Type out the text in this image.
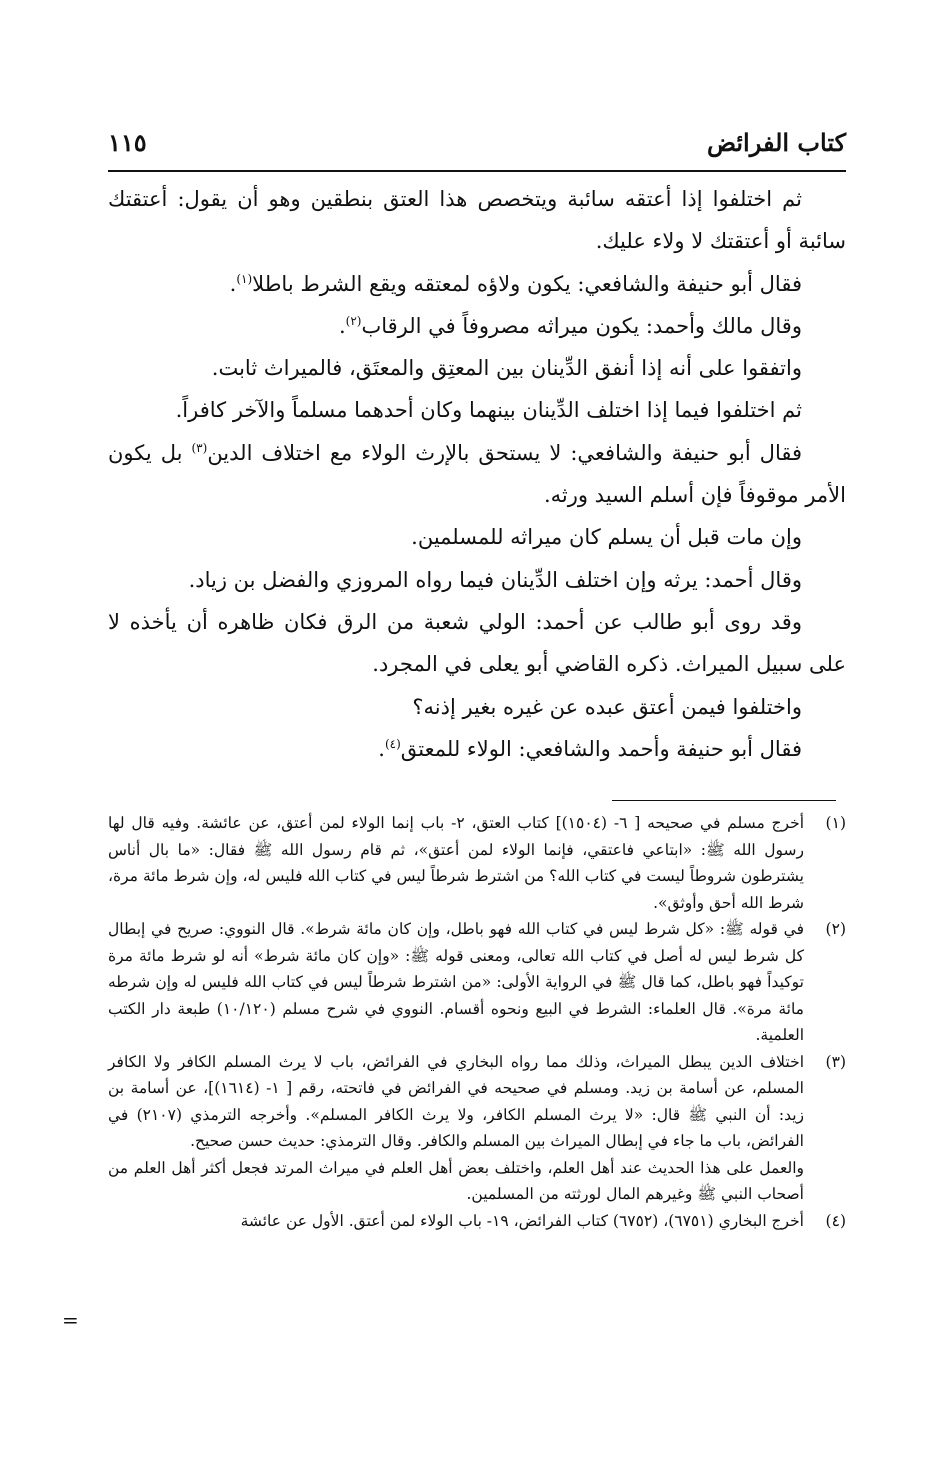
كتاب الفرائض
١١٥

ثم اختلفوا إذا أعتقه سائبة ويتخصص هذا العتق بنطقين وهو أن يقول: أعتقتك سائبة أو أعتقتك لا ولاء عليك.

فقال أبو حنيفة والشافعي: يكون ولاؤه لمعتقه ويقع الشرط باطلا$^{(١)}$.

وقال مالك وأحمد: يكون ميراثه مصروفاً في الرقاب$^{(٢)}$.

واتفقوا على أنه إذا أنفق الدِّينان بين المعتِق والمعتَق، فالميراث ثابت.

ثم اختلفوا فيما إذا اختلف الدِّينان بينهما وكان أحدهما مسلماً والآخر كافراً.

فقال أبو حنيفة والشافعي: لا يستحق بالإرث الولاء مع اختلاف الدين$^{(٣)}$ بل يكون الأمر موقوفاً فإن أسلم السيد ورثه.

وإن مات قبل أن يسلم كان ميراثه للمسلمين.

وقال أحمد: يرثه وإن اختلف الدِّينان فيما رواه المروزي والفضل بن زياد.

وقد روى أبو طالب عن أحمد: الولي شعبة من الرق فكان ظاهره أن يأخذه لا على سبيل الميراث. ذكره القاضي أبو يعلى في المجرد.

واختلفوا فيمن أعتق عبده عن غيره بغير إذنه؟

فقال أبو حنيفة وأحمد والشافعي: الولاء للمعتق$^{(٤)}$.

(١)

أخرج مسلم في صحيحه [ ٦- (١٥٠٤)] كتاب العتق، ٢- باب إنما الولاء لمن أعتق، عن عائشة. وفيه قال لها رسول الله ﷺ: «ابتاعي فاعتقي، فإنما الولاء لمن أعتق»، ثم قام رسول الله ﷺ فقال: «ما بال أناس يشترطون شروطاً ليست في كتاب الله؟ من اشترط شرطاً ليس في كتاب الله فليس له، وإن شرط مائة مرة، شرط الله أحق وأوثق».

(٢)

في قوله ﷺ: «كل شرط ليس في كتاب الله فهو باطل، وإن كان مائة شرط». قال النووي: صريح في إبطال كل شرط ليس له أصل في كتاب الله تعالى، ومعنى قوله ﷺ: «وإن كان مائة شرط» أنه لو شرط مائة مرة توكيداً فهو باطل، كما قال ﷺ في الرواية الأولى: «من اشترط شرطاً ليس في كتاب الله فليس له وإن شرطه مائة مرة». قال العلماء: الشرط في البيع ونحوه أقسام. النووي في شرح مسلم (١٠/١٢٠) طبعة دار الكتب العلمية.

(٣)

اختلاف الدين يبطل الميراث، وذلك مما رواه البخاري في الفرائض، باب لا يرث المسلم الكافر ولا الكافر المسلم، عن أسامة بن زيد. ومسلم في صحيحه في الفرائض في فاتحته، رقم [ ١- (١٦١٤)]، عن أسامة بن زيد: أن النبي ﷺ قال: «لا يرث المسلم الكافر، ولا يرث الكافر المسلم». وأخرجه الترمذي (٢١٠٧) في الفرائض، باب ما جاء في إبطال الميراث بين المسلم والكافر. وقال الترمذي: حديث حسن صحيح.

والعمل على هذا الحديث عند أهل العلم، واختلف بعض أهل العلم في ميراث المرتد فجعل أكثر أهل العلم من أصحاب النبي ﷺ وغيرهم المال لورثته من المسلمين.

(٤)

أخرج البخاري (٦٧٥١)، (٦٧٥٢) كتاب الفرائض، ١٩- باب الولاء لمن أعتق. الأول عن عائشة

=
